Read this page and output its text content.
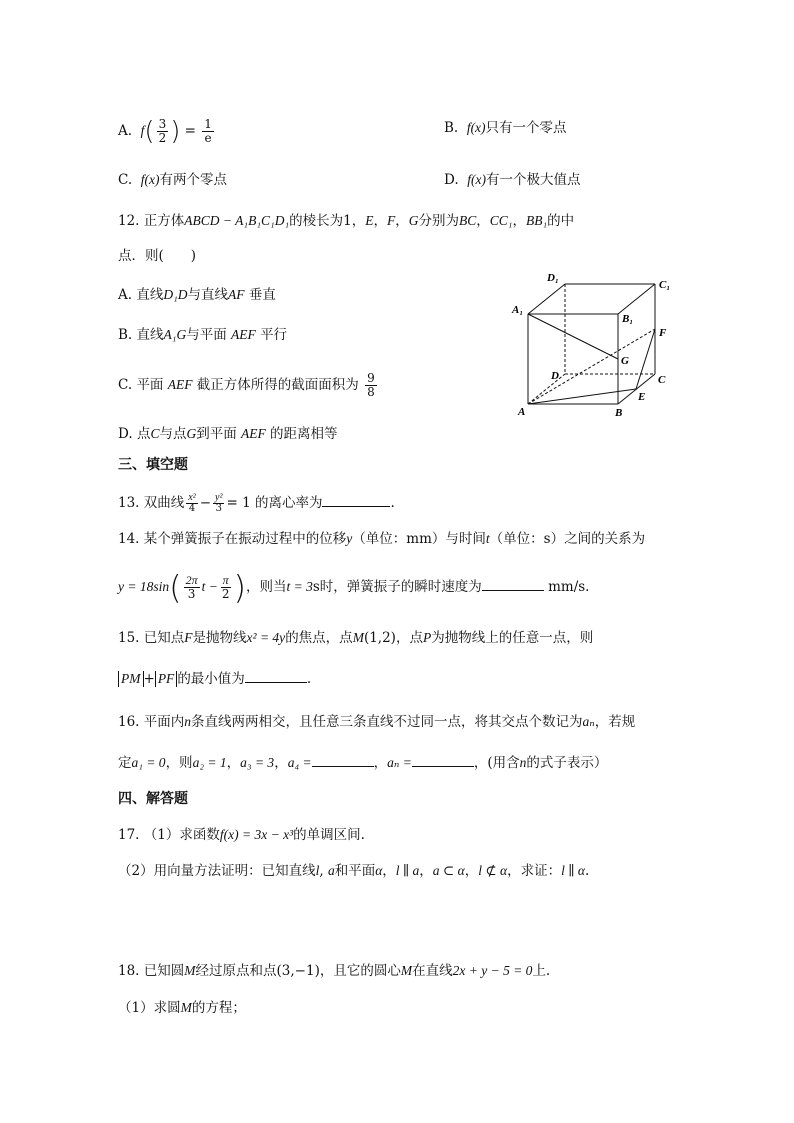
A. $f( \frac{3}{2}$ ) = $\frac{1}{e}$	B. f(x)只有一个零点
C. f(x)有两个零点	D. f(x)有一个极大值点
12. 正方体ABCD − A₁B₁C₁D₁的棱长为1，E，F，G分别为BC，CC₁，BB₁的中
点．则(　　)
A. 直线D₁D与直线AF 垂直
B. 直线A₁G与平面 AEF 平行
C. 平面 AEF 截正方体所得的截面面积为 $\frac{9}{8}$
D. 点C与点G到平面 AEF 的距离相等
D₁
C₁
A₁
B₁
F
G
D	C
A	B
E
三、填空题
13. 双曲线 $\frac{\text{x²}}{4} - \frac{\text{y²}}{3} = 1$ 的离心率为	.
14. 某个弹簧振子在振动过程中的位移y（单位：mm）与时间t（单位：s）之间的关系为
$y = 18\sin( \frac{2\pi}{3}$ $t - \frac{\pi}{2}$ )，则当t = 3s时，弹簧振子的瞬时速度为	mm/s.
15. 已知点F是抛物线x² = 4y的焦点，点M(1,2)，点P为抛物线上的任意一点，则
PM + PF 的最小值为	.
16. 平面内n条直线两两相交，且任意三条直线不过同一点，将其交点个数记为aₙ，若规
定a₁ = 0，则a₂ = 1，a₃ = 3，a₄ =	，aₙ =	，(用含n的式子表示）
四、解答题
17. （1）求函数f(x) = 3x − x³的单调区间.
（2）用向量方法证明：已知直线l, a和平面α，l ∥ a，a ⊂ α，l ⊄ α，求证：l ∥ α.
18. 已知圆M经过原点和点(3,−1)，且它的圆心M在直线2x + y − 5 = 0上.
（1）求圆M的方程；
